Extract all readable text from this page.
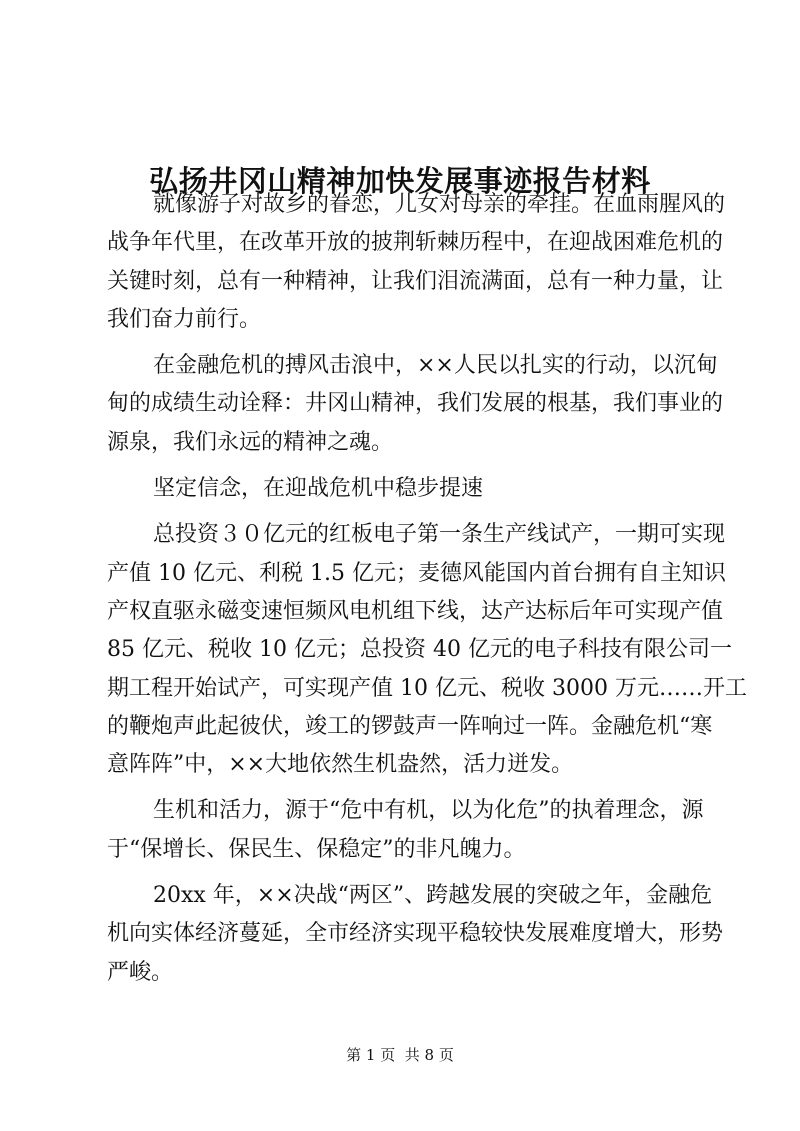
弘扬井冈山精神加快发展事迹报告材料

就像游子对故乡的眷恋，儿女对母亲的牵挂。在血雨腥风的
战争年代里，在改革开放的披荆斩棘历程中，在迎战困难危机的
关键时刻，总有一种精神，让我们泪流满面，总有一种力量，让
我们奋力前行。

在金融危机的搏风击浪中，××人民以扎实的行动，以沉甸
甸的成绩生动诠释：井冈山精神，我们发展的根基，我们事业的
源泉，我们永远的精神之魂。

坚定信念，在迎战危机中稳步提速

总投资３０亿元的红板电子第一条生产线试产，一期可实现
产值 10 亿元、利税 1.5 亿元；麦德风能国内首台拥有自主知识
产权直驱永磁变速恒频风电机组下线，达产达标后年可实现产值
85 亿元、税收 10 亿元；总投资 40 亿元的电子科技有限公司一
期工程开始试产，可实现产值 10 亿元、税收 3000 万元……开工
的鞭炮声此起彼伏，竣工的锣鼓声一阵响过一阵。金融危机“寒
意阵阵”中，××大地依然生机盎然，活力迸发。

生机和活力，源于“危中有机，以为化危”的执着理念，源
于“保增长、保民生、保稳定”的非凡魄力。

20xx 年，××决战“两区”、跨越发展的突破之年，金融危
机向实体经济蔓延，全市经济实现平稳较快发展难度增大，形势
严峻。

第 1 页  共 8 页
